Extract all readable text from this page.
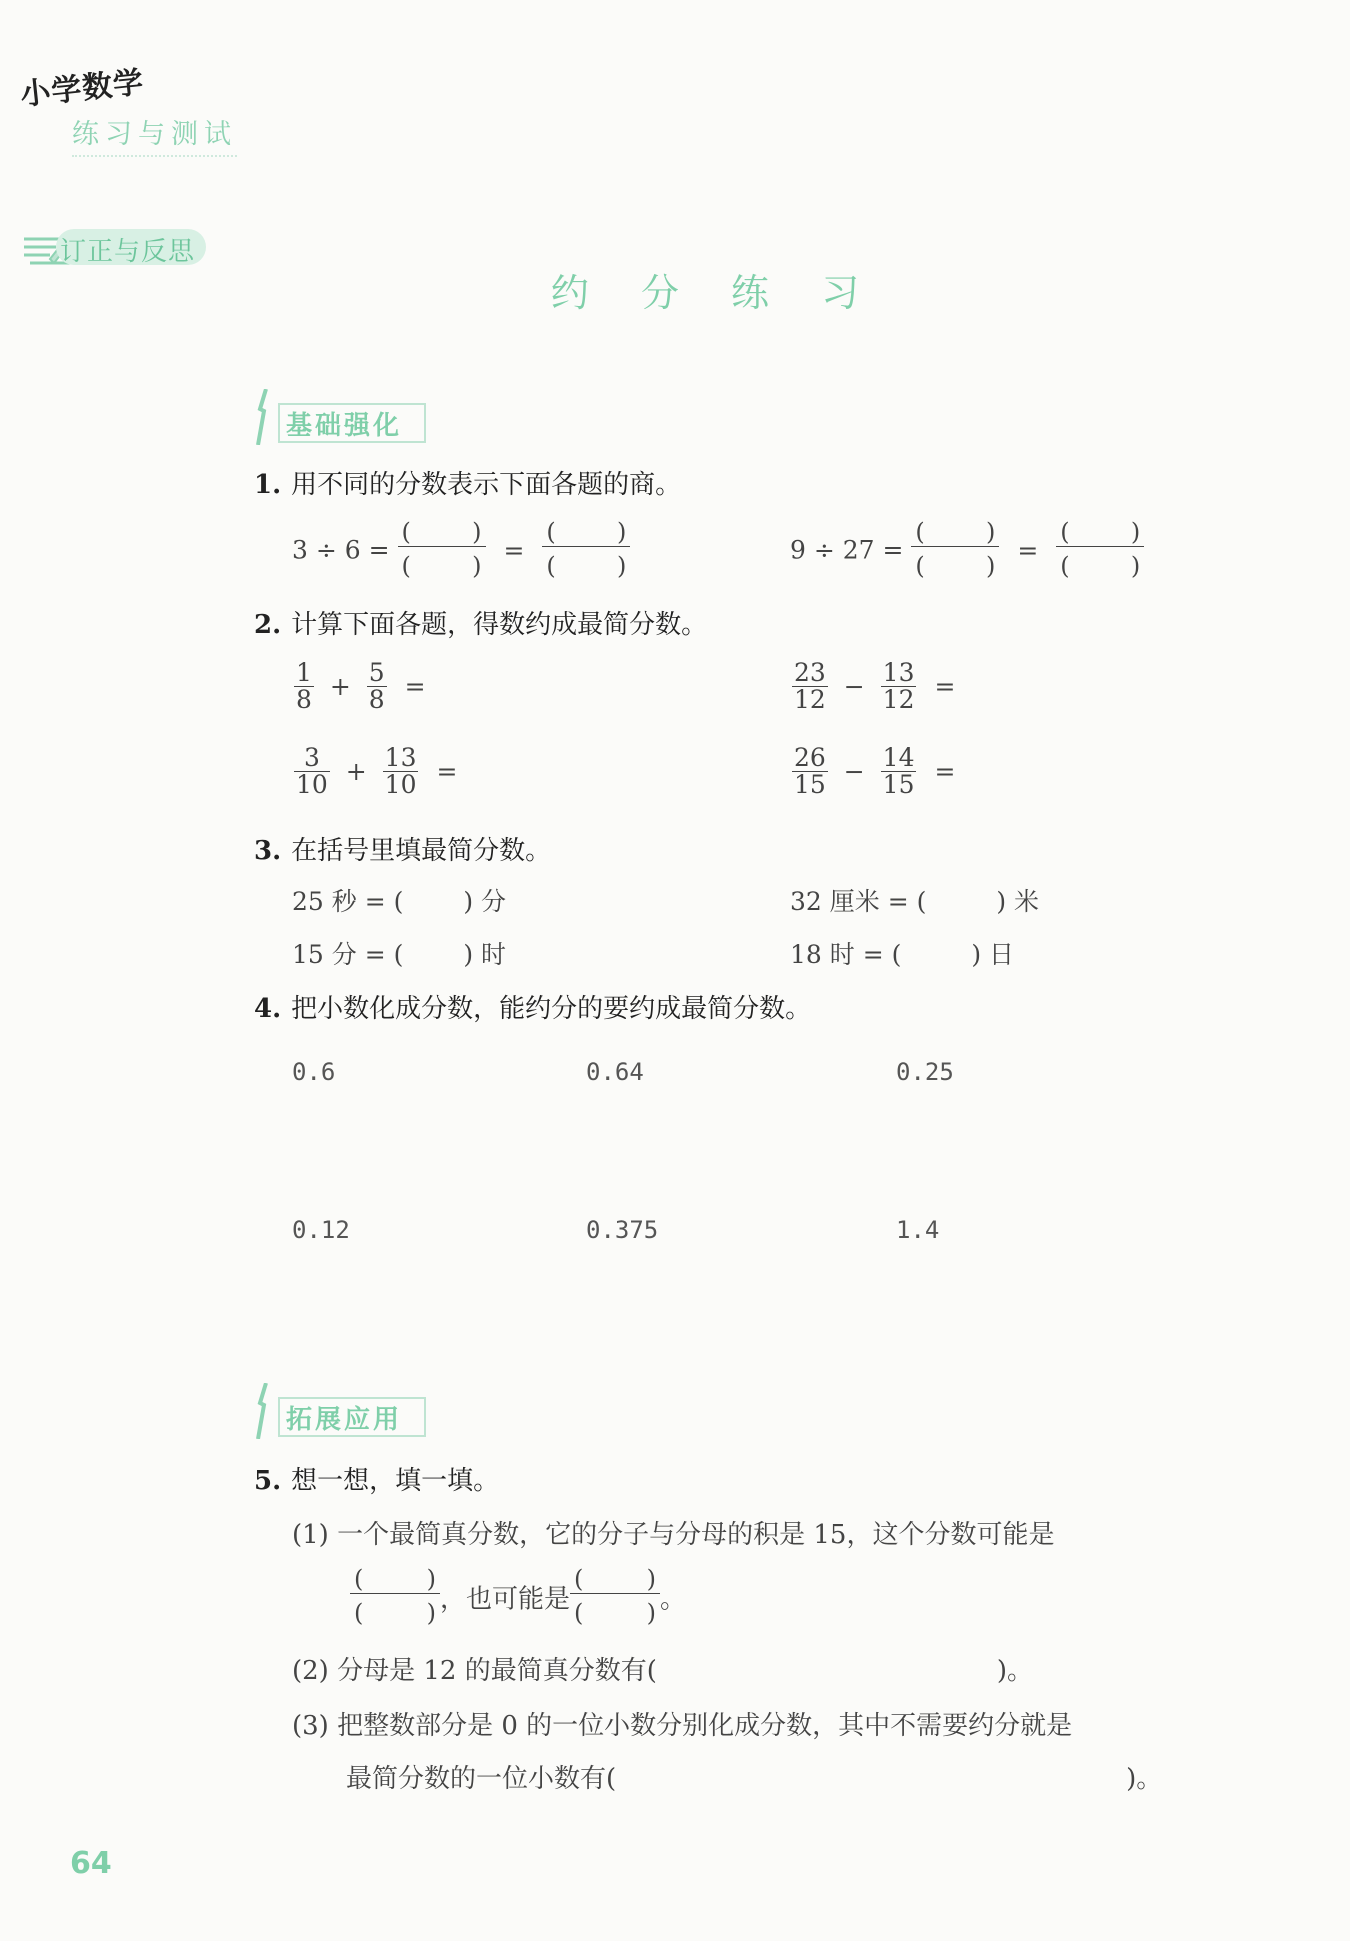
小学数学
练习与测试
订正与反思
约 分 练 习
基础强化
1. 用不同的分数表示下面各题的商。
3 ÷ 6 =
(	)
(	)
=
(	)
(	)
9 ÷ 27 =
(	)
(	)
=
(	)
(	)
2. 计算下面各题，得数约成最简分数。
$\frac{1}{8} + \frac{5}{8}$ =	$\frac{23}{12} - \frac{13}{12}$ =
$\frac{3}{10} + \frac{13}{10}$ =	$\frac{26}{15} - \frac{14}{15}$ =
3. 在括号里填最简分数。
25 秒 = ( ) 分	32 厘米 = (	) 米
15 分 = ( ) 时	18 时 = (	) 日
4. 把小数化成分数，能约分的要约成最简分数。
0.6	0.64	0.25
0.12	0.375	1.4
拓展应用
5. 想一想，填一填。
(1) 一个最简真分数，它的分子与分母的积是 15，这个分数可能是
(	)
(	) ，也可能是
(	)
(	) 。
(2) 分母是 12 的最简真分数有(	)。
(3) 把整数部分是 0 的一位小数分别化成分数，其中不需要约分就是
最简分数的一位小数有(	)。
64
